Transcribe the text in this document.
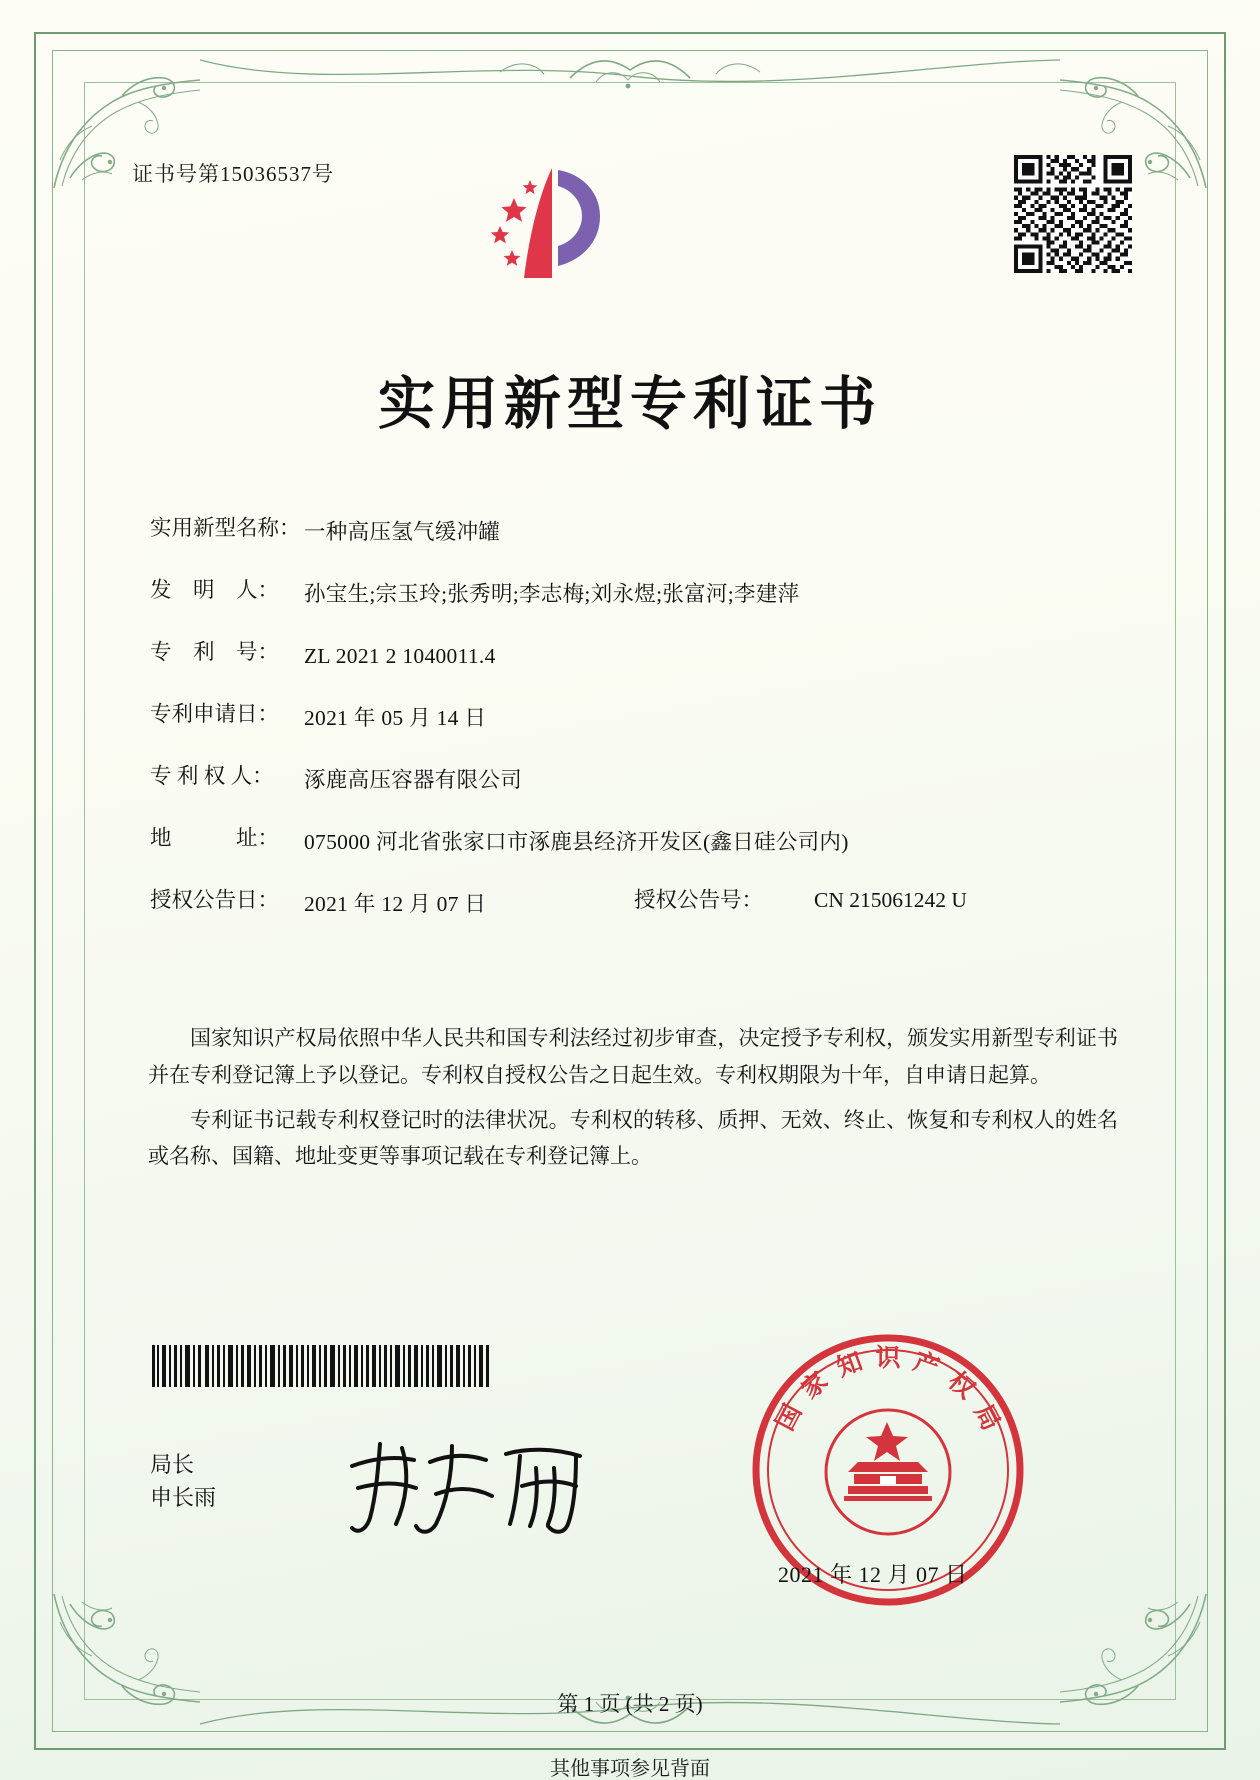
证书号第15036537号
实用新型专利证书
实用新型名称： 一种高压氢气缓冲罐
发　明　人：	孙宝生;宗玉玲;张秀明;李志梅;刘永煜;张富河;李建萍
专　利　号：	ZL 2021 2 1040011.4
专利申请日：	2021 年 05 月 14 日
专 利 权 人：	涿鹿高压容器有限公司
地　　　址：	075000 河北省张家口市涿鹿县经济开发区(鑫日硅公司内)
授权公告日：	2021 年 12 月 07 日	授权公告号：	CN 215061242 U

国家知识产权局依照中华人民共和国专利法经过初步审查，决定授予专利权，颁发实用新型专利证书并在专利登记簿上予以登记。专利权自授权公告之日起生效。专利权期限为十年，自申请日起算。

专利证书记载专利权登记时的法律状况。专利权的转移、质押、无效、终止、恢复和专利权人的姓名或名称、国籍、地址变更等事项记载在专利登记簿上。

局长
申长雨
国
家
知 识 产
权
局
2021 年 12 月 07 日
第 1 页 (共 2 页)
其他事项参见背面
